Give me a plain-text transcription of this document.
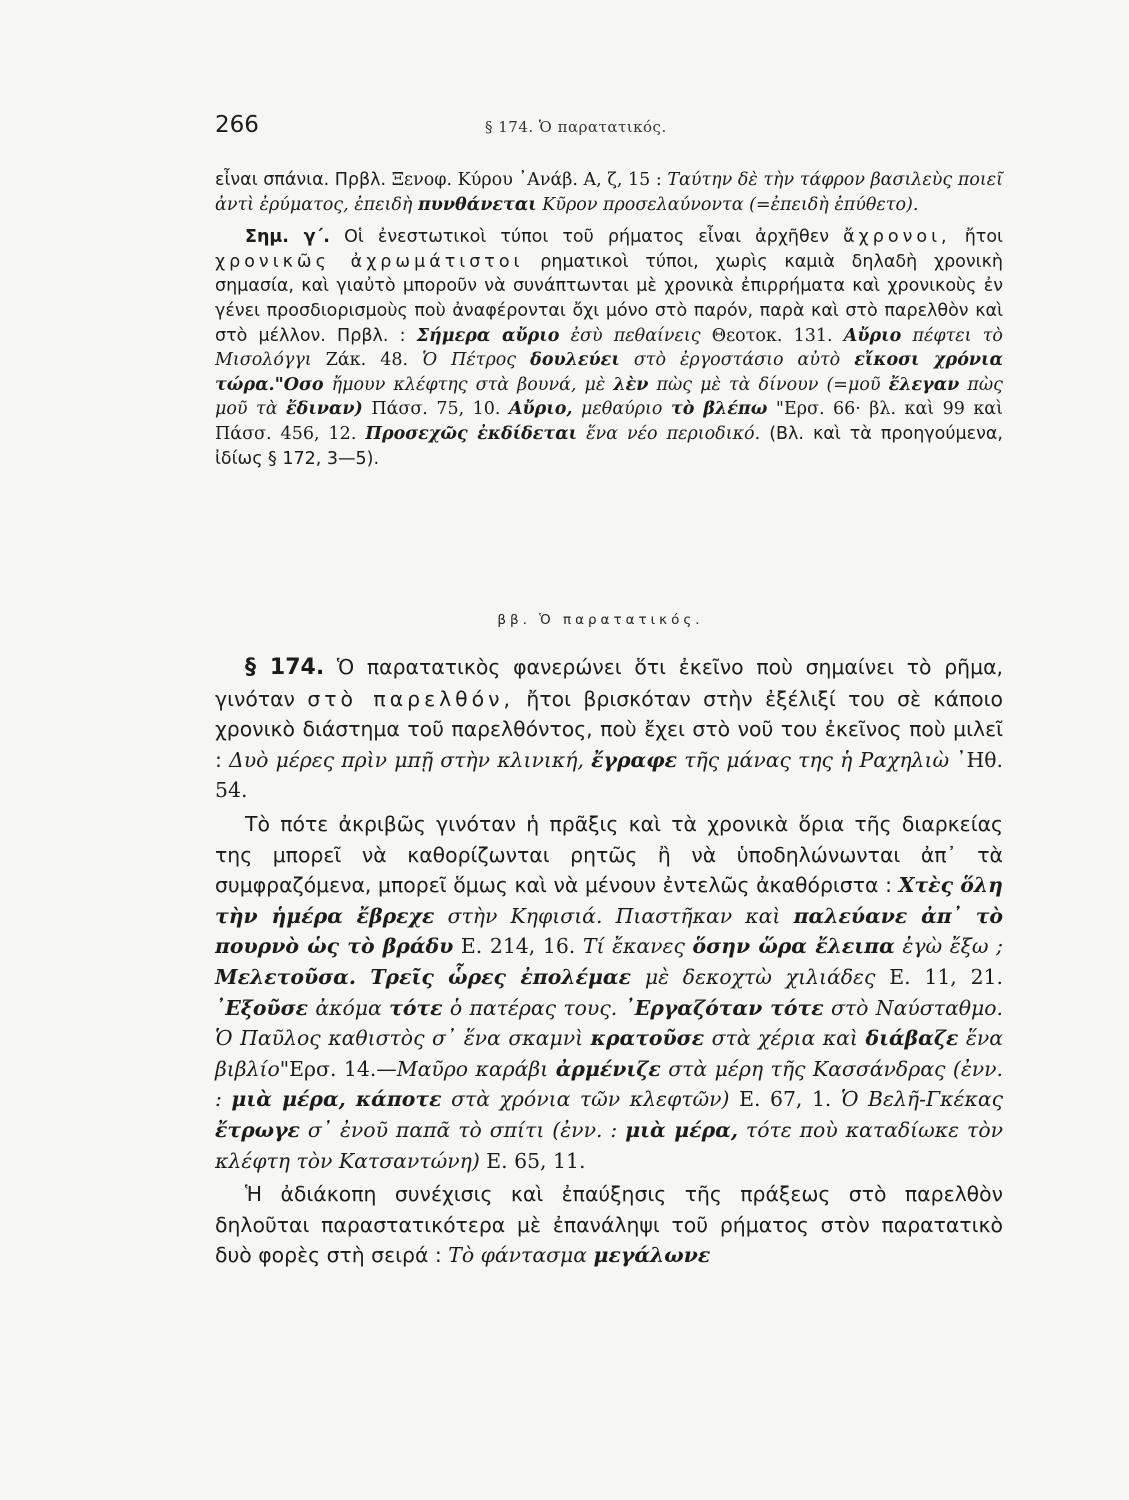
266	§ 174. Ὁ παρατατικός.

εἶναι σπάνια. Πρβλ. Ξενοφ. Κύρου ᾿Ανάβ. Α, ζ, 15 : Ταύτην δὲ τὴν τάφρον βασιλεὺς ποιεῖ ἀντὶ ἐρύματος, ἐπειδὴ πυνθάνεται Κῦρον προσελαύνοντα (=ἐπειδὴ ἐπύθετο).

Σημ. γ΄. Οἱ ἐνεστωτικοὶ τύποι τοῦ ρήματος εἶναι ἀρχῆθεν ἄχρονοι, ἤτοι χρονικῶς ἀχρωμάτιστοι ρηματικοὶ τύποι, χωρὶς καμιὰ δηλαδὴ χρονικὴ σημασία, καὶ γιαὐτὸ μποροῦν νὰ συνάπτωνται μὲ χρονικὰ ἐπιρρήματα καὶ χρονικοὺς ἐν γένει προσδιορισμοὺς ποὺ ἀναφέρονται ὄχι μόνο στὸ παρόν, παρὰ καὶ στὸ παρελθὸν καὶ στὸ μέλλον. Πρβλ. : Σήμερα αὔριο ἐσὺ πεθαίνεις Θεοτοκ. 131. Αὔριο πέφτει τὸ Μισολόγγι Ζάκ. 48. Ὁ Πέτρος δουλεύει στὸ ἐργοστάσιο αὐτὸ εἴκοσι χρόνια τώρα."Οσο ἤμουν κλέφτης στὰ βουνά, μὲ λὲν πὼς μὲ τὰ δίνουν (=μοῦ ἔλεγαν πὼς μοῦ τὰ ἔδιναν) Πάσσ. 75, 10. Αὔριο, μεθαύριο τὸ βλέπω "Ερσ. 66· βλ. καὶ 99 καὶ Πάσσ. 456, 12. Προσεχῶς ἐκδίδεται ἕνα νέο περιοδικό. (Βλ. καὶ τὰ προηγούμενα, ἰδίως § 172, 3—5).

ββ. Ὁ παρατατικός.

§ 174. Ὁ παρατατικὸς φανερώνει ὅτι ἐκεῖνο ποὺ σημαίνει τὸ ρῆμα, γινόταν στὸ παρελθόν, ἤτοι βρισκόταν στὴν ἐξέλιξί του σὲ κάποιο χρονικὸ διάστημα τοῦ παρελθόντος, ποὺ ἔχει στὸ νοῦ του ἐκεῖνος ποὺ μιλεῖ : Δυὸ μέρες πρὶν μπῇ στὴν κλινική, ἔγραφε τῆς μάνας της ἡ Ραχηλιὼ ᾿Ηθ. 54.

Τὸ πότε ἀκριβῶς γινόταν ἡ πρᾶξις καὶ τὰ χρονικὰ ὅρια τῆς διαρκείας της μπορεῖ νὰ καθορίζωνται ρητῶς ἢ νὰ ὑποδηλώνωνται ἀπ᾿ τὰ συμφραζόμενα, μπορεῖ ὅμως καὶ νὰ μένουν ἐντελῶς ἀκαθόριστα : Χτὲς ὅλη τὴν ἡμέρα ἔβρεχε στὴν Κηφισιά. Πιαστῆκαν καὶ παλεύανε ἀπ᾿ τὸ πουρνὸ ὡς τὸ βράδυ Ε. 214, 16. Τί ἔκανες ὅσην ὥρα ἔλειπα ἐγὼ ἔξω ; Μελετοῦσα. Τρεῖς ὧρες ἐπολέμαε μὲ δεκοχτὼ χιλιάδες Ε. 11, 21. ᾿Εξοῦσε ἀκόμα τότε ὁ πατέρας τους. ᾿Εργαζόταν τότε στὸ Ναύσταθμο. Ὁ Παῦλος καθιστὸς σ᾿ ἕνα σκαμνὶ κρατοῦσε στὰ χέρια καὶ διάβαζε ἕνα βιβλίο"Ερσ. 14.—Μαῦρο καράβι ἀρμένιζε στὰ μέρη τῆς Κασσάνδρας (ἐνν. : μιὰ μέρα, κάποτε στὰ χρόνια τῶν κλεφτῶν) Ε. 67, 1. Ὁ Βελῆ-Γκέκας ἔτρωγε σ᾿ ἐνοῦ παπᾶ τὸ σπίτι (ἐνν. : μιὰ μέρα, τότε ποὺ καταδίωκε τὸν κλέφτη τὸν Κατσαντώνη) Ε. 65, 11.

Ἡ ἀδιάκοπη συνέχισις καὶ ἐπαύξησις τῆς πράξεως στὸ παρελθὸν δηλοῦται παραστατικότερα μὲ ἐπανάληψι τοῦ ρήματος στὸν παρατατικὸ δυὸ φορὲς στὴ σειρά : Τὸ φάντασμα μεγάλωνε
